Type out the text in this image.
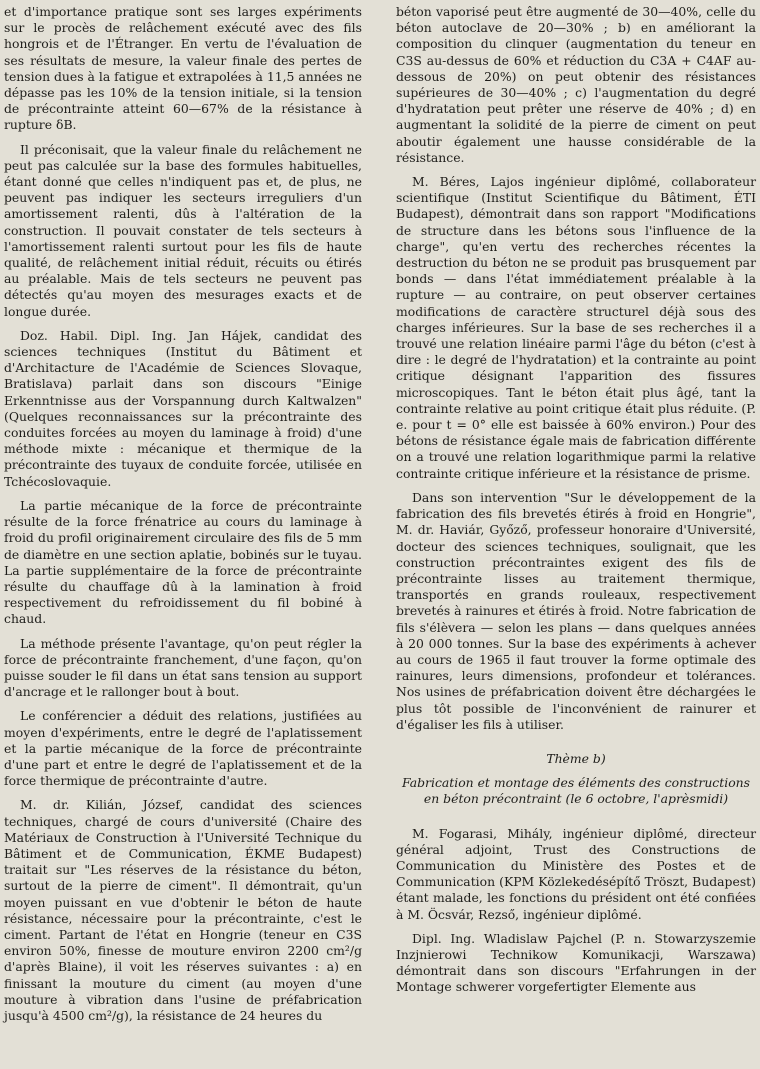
et d'importance pratique sont ses larges expériments sur le procès de relâchement exécuté avec des fils hongrois et de l'Étranger. En vertu de l'évaluation de ses résultats de mesure, la valeur finale des pertes de tension dues à la fatigue et extrapolées à 11,5 années ne dépasse pas les 10% de la tension initiale, si la tension de précontrainte atteint 60—67% de la résistance à rupture δB.

Il préconisait, que la valeur finale du relâchement ne peut pas calculée sur la base des formules habituelles, étant donné que celles n'indiquent pas et, de plus, ne peuvent pas indiquer les secteurs irreguliers d'un amortissement ralenti, dûs à l'altération de la construction. Il pouvait constater de tels secteurs à l'amortissement ralenti surtout pour les fils de haute qualité, de relâchement initial réduit, récuits ou étirés au préalable. Mais de tels secteurs ne peuvent pas détectés qu'au moyen des mesurages exacts et de longue durée.

Doz. Habil. Dipl. Ing. Jan Hájek, candidat des sciences techniques (Institut du Bâtiment et d'Architacture de l'Académie de Sciences Slovaque, Bratislava) parlait dans son discours "Einige Erkenntnisse aus der Vorspannung durch Kaltwalzen" (Quelques reconnaissances sur la précontrainte des conduites forcées au moyen du laminage à froid) d'une méthode mixte : mécanique et thermique de la précontrainte des tuyaux de conduite forcée, utilisée en Tchécoslovaquie.

La partie mécanique de la force de précontrainte résulte de la force frénatrice au cours du laminage à froid du profil originairement circulaire des fils de 5 mm de diamètre en une section aplatie, bobinés sur le tuyau. La partie supplémentaire de la force de précontrainte résulte du chauffage dû à la lamination à froid respectivement du refroidissement du fil bobiné à chaud.

La méthode présente l'avantage, qu'on peut régler la force de précontrainte franchement, d'une façon, qu'on puisse souder le fil dans un état sans tension au support d'ancrage et le rallonger bout à bout.

Le conférencier a déduit des relations, justifiées au moyen d'expériments, entre le degré de l'aplatissement et la partie mécanique de la force de précontrainte d'une part et entre le degré de l'aplatissement et de la force thermique de précontrainte d'autre.

M. dr. Kilián, József, candidat des sciences techniques, chargé de cours d'université (Chaire des Matériaux de Construction à l'Université Technique du Bâtiment et de Communication, ÉKME Budapest) traitait sur "Les réserves de la résistance du béton, surtout de la pierre de ciment". Il démontrait, qu'un moyen puissant en vue d'obtenir le béton de haute résistance, nécessaire pour la précontrainte, c'est le ciment. Partant de l'état en Hongrie (teneur en C3S environ 50%, finesse de mouture environ 2200 cm²/g d'après Blaine), il voit les réserves suivantes : a) en finissant la mouture du ciment (au moyen d'une mouture à vibration dans l'usine de préfabrication jusqu'à 4500 cm²/g), la résistance de 24 heures du

béton vaporisé peut être augmenté de 30—40%, celle du béton autoclave de 20—30% ; b) en améliorant la composition du clinquer (augmentation du teneur en C3S au-dessus de 60% et réduction du C3A + C4AF au-dessous de 20%) on peut obtenir des résistances supérieures de 30—40% ; c) l'augmentation du degré d'hydratation peut prêter une réserve de 40% ; d) en augmentant la solidité de la pierre de ciment on peut aboutir également une hausse considérable de la résistance.

M. Béres, Lajos ingénieur diplômé, collaborateur scientifique (Institut Scientifique du Bâtiment, ÉTI Budapest), démontrait dans son rapport "Modifications de structure dans les bétons sous l'influence de la charge", qu'en vertu des recherches récentes la destruction du béton ne se produit pas brusquement par bonds — dans l'état immédiatement préalable à la rupture — au contraire, on peut observer certaines modifications de caractère structurel déjà sous des charges inférieures. Sur la base de ses recherches il a trouvé une relation linéaire parmi l'âge du béton (c'est à dire : le degré de l'hydratation) et la contrainte au point critique désignant l'apparition des fissures microscopiques. Tant le béton était plus âgé, tant la contrainte relative au point critique était plus réduite. (P. e. pour t = 0° elle est baissée à 60% environ.) Pour des bétons de résistance égale mais de fabrication différente on a trouvé une relation logarithmique parmi la relative contrainte critique inférieure et la résistance de prisme.

Dans son intervention "Sur le développement de la fabrication des fils brevetés étirés à froid en Hongrie", M. dr. Haviár, Győző, professeur honoraire d'Université, docteur des sciences techniques, soulignait, que les construction précontraintes exigent des fils de précontrainte lisses au traitement thermique, transportés en grands rouleaux, respectivement brevetés à rainures et étirés à froid. Notre fabrication de fils s'élèvera — selon les plans — dans quelques années à 20 000 tonnes. Sur la base des expériments à achever au cours de 1965 il faut trouver la forme optimale des rainures, leurs dimensions, profondeur et tolérances. Nos usines de préfabrication doivent être déchargées le plus tôt possible de l'inconvénient de rainurer et d'égaliser les fils à utiliser.

Thème b)
Fabrication et montage des éléments des constructions en béton précontraint (le 6 octobre, l'aprèsmidi)

M. Fogarasi, Mihály, ingénieur diplômé, directeur général adjoint, Trust des Constructions de Communication du Ministère des Postes et de Communication (KPM Közlekedésépítő Tröszt, Budapest) étant malade, les fonctions du président ont été confiées à M. Öcsvár, Rezső, ingénieur diplômé.

Dipl. Ing. Wladislaw Pajchel (P. n. Stowarzyszemie Inzjnierowi Technikow Komunikacji, Warszawa) démontrait dans son discours "Erfahrungen in der Montage schwerer vorgefertigter Elemente aus
